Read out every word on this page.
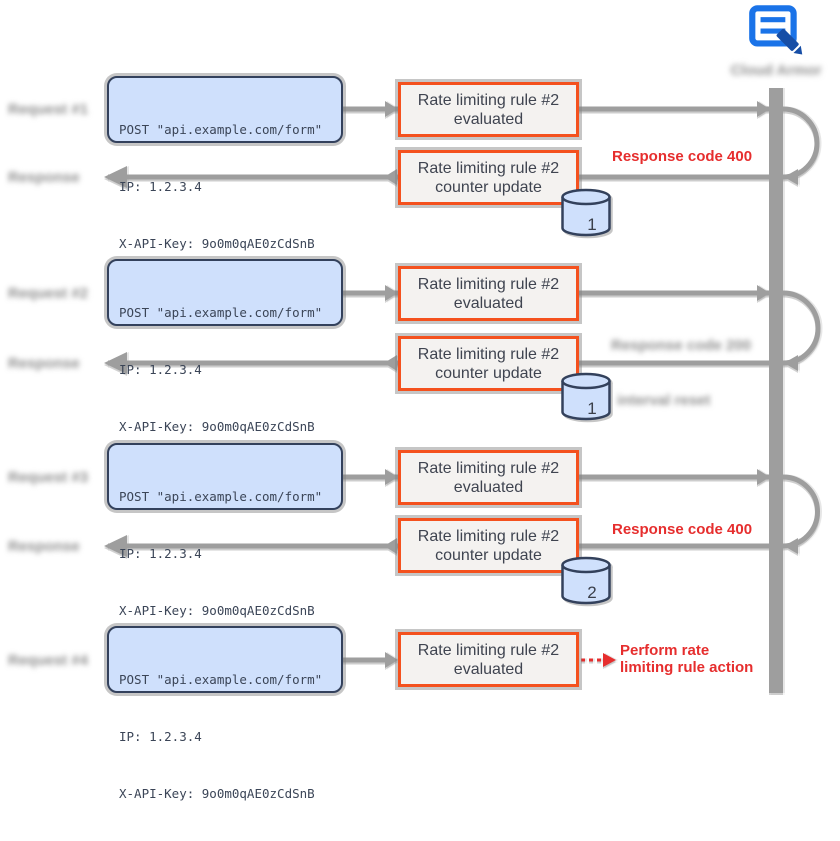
Cloud Armor
Request #1
Response
Request #2
Response
Request #3
Response
Request #4

POST "api.example.com/form"

IP: 1.2.3.4

X-API-Key: 9o0m0qAE0zCdSnB

POST "api.example.com/form"

IP: 1.2.3.4

X-API-Key: 9o0m0qAE0zCdSnB

POST "api.example.com/form"

IP: 1.2.3.4

X-API-Key: 9o0m0qAE0zCdSnB

POST "api.example.com/form"

IP: 1.2.3.4

X-API-Key: 9o0m0qAE0zCdSnB

Rate limiting rule #2
evaluated
Rate limiting rule #2
evaluated
Rate limiting rule #2
evaluated
Rate limiting rule #2
evaluated
Rate limiting rule #2
counter update
Rate limiting rule #2
counter update
Rate limiting rule #2
counter update
1
1
2
Response code 400
Response code 200
interval reset
Response code 400
Perform rate
limiting rule action
